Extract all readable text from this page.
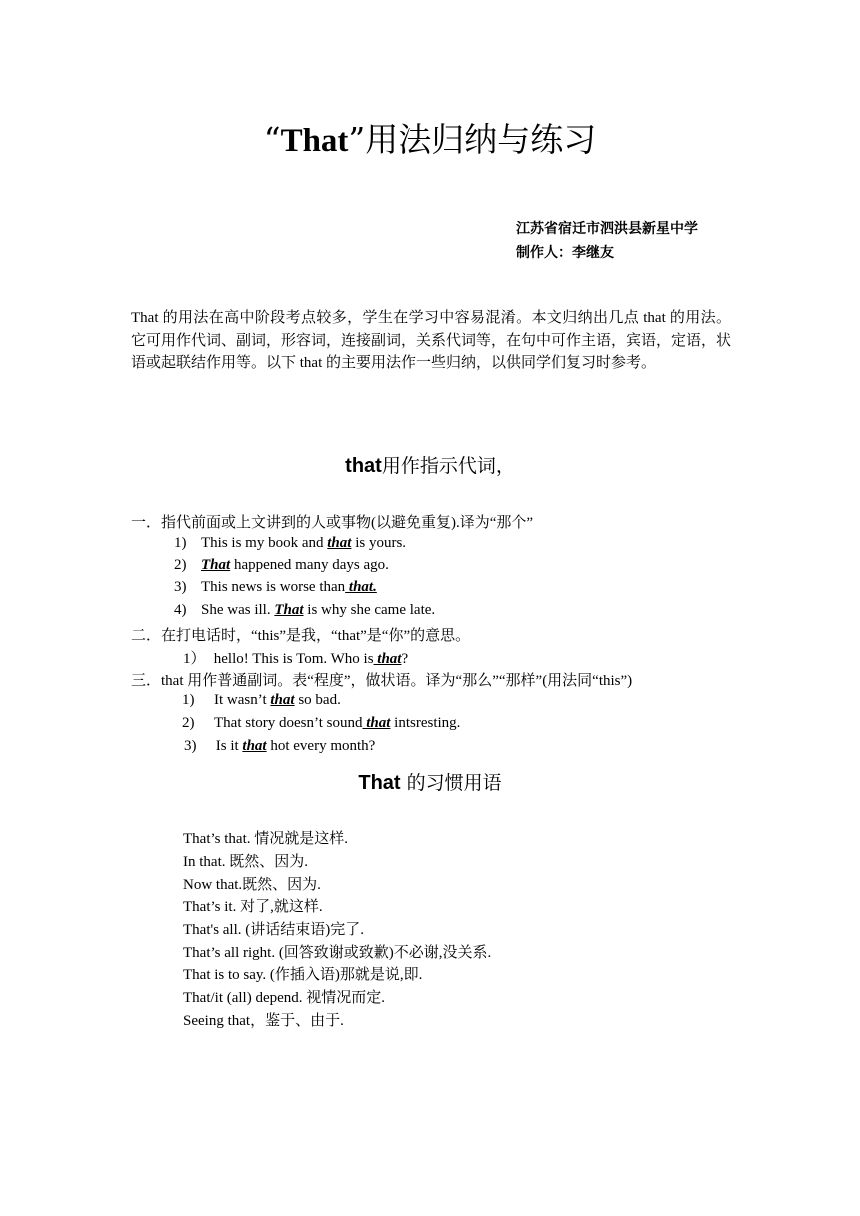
“That”用法归纳与练习
江苏省宿迁市泗洪县新星中学
制作人：李继友
That 的用法在高中阶段考点较多，学生在学习中容易混淆。本文归纳出几点 that 的用法。它可用作代词、副词，形容词，连接副词，关系代词等，在句中可作主语，宾语，定语，状语或起联结作用等。以下 that 的主要用法作一些归纳，以供同学们复习时参考。
that用作指示代词，
一．指代前面或上文讲到的人或事物(以避免重复).译为“那个”
1) This is my book and that is yours.
2) That happened many days ago.
3) This news is worse than that.
4) She was ill. That is why she came late.
二．在打电话时，“this”是我，“that”是“你”的意思。
1） hello! This is Tom. Who is that?
三．that 用作普通副词。表“程度”，做状语。译为“那么”“那样”(用法同“this”)
1) It wasn’t that so bad.
2) That story doesn’t sound that intsresting.
3) Is it that hot every month?
That 的习惯用语
That’s that. 情况就是这样.
In that. 既然、因为.
Now that.既然、因为.
That’s it. 对了,就这样.
That's all. (讲话结束语)完了.
That’s all right. (回答致谢或致歉)不必谢,没关系.
That is to say. (作插入语)那就是说,即.
That/it (all) depend. 视情况而定.
Seeing that，鉴于、由于.
